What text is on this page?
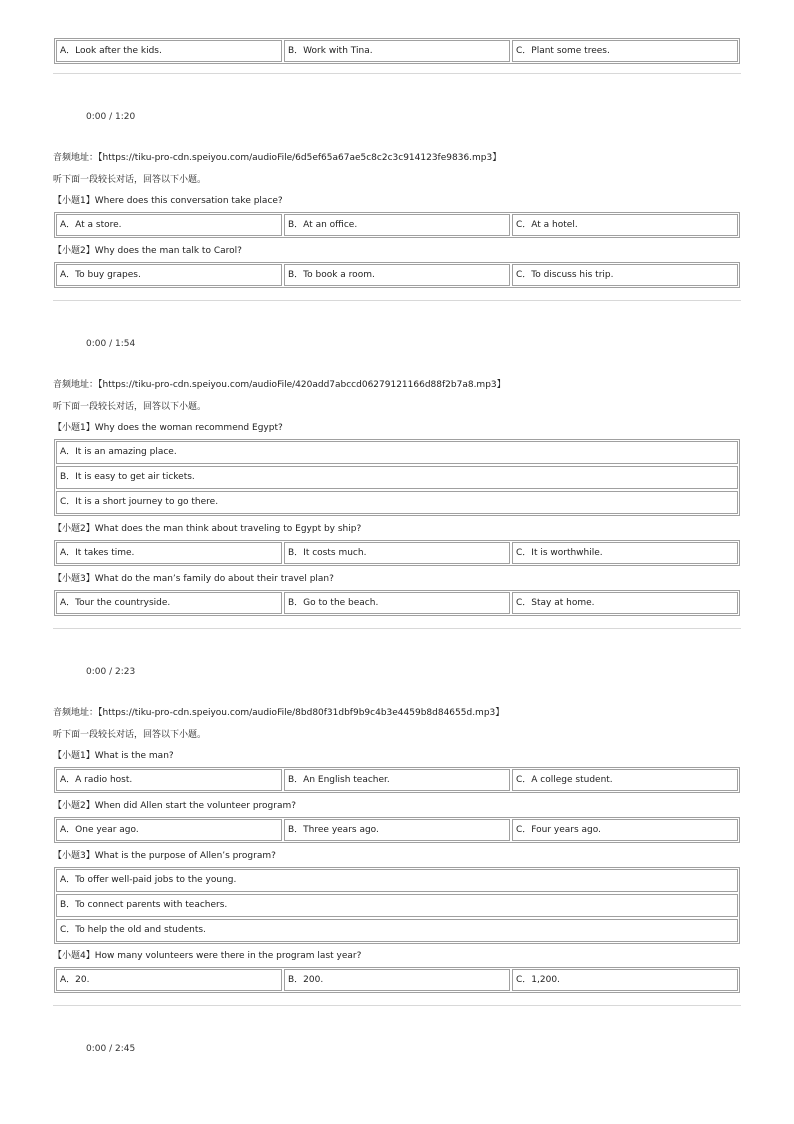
A．Look after the kids.	B．Work with Tina.	C．Plant some trees.
0:00 / 1:20
音频地址：【https://tiku-pro-cdn.speiyou.com/audioFile/6d5ef65a67ae5c8c2c3c914123fe9836.mp3】
听下面一段较长对话，回答以下小题。
【小题1】Where does this conversation take place?
A．At a store.	B．At an office.	C．At a hotel.
【小题2】Why does the man talk to Carol?
A．To buy grapes.	B．To book a room.	C．To discuss his trip.
0:00 / 1:54
音频地址：【https://tiku-pro-cdn.speiyou.com/audioFile/420add7abccd06279121166d88f2b7a8.mp3】
听下面一段较长对话，回答以下小题。
【小题1】Why does the woman recommend Egypt?
A．It is an amazing place.
B．It is easy to get air tickets.
C．It is a short journey to go there.
【小题2】What does the man think about traveling to Egypt by ship?
A．It takes time.	B．It costs much.	C．It is worthwhile.
【小题3】What do the man’s family do about their travel plan?
A．Tour the countryside.	B．Go to the beach.	C．Stay at home.
0:00 / 2:23
音频地址：【https://tiku-pro-cdn.speiyou.com/audioFile/8bd80f31dbf9b9c4b3e4459b8d84655d.mp3】
听下面一段较长对话，回答以下小题。
【小题1】What is the man?
A．A radio host.	B．An English teacher.	C．A college student.
【小题2】When did Allen start the volunteer program?
A．One year ago.	B．Three years ago.	C．Four years ago.
【小题3】What is the purpose of Allen’s program?
A．To offer well-paid jobs to the young.
B．To connect parents with teachers.
C．To help the old and students.
【小题4】How many volunteers were there in the program last year?
A．20.	B．200.	C．1,200.
0:00 / 2:45
